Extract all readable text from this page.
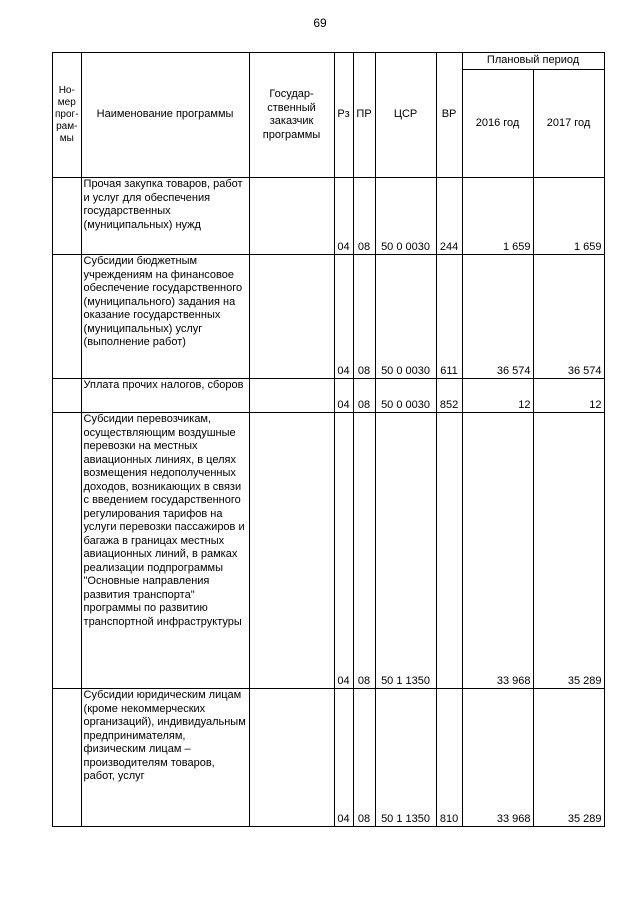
69
Номер программы	Наименование программы	Государственный заказчик программы	Рз	ПР	ЦСР	ВР	Плановый период	
							2016 год	2017 год
	Прочая закупка товаров, работ и услуг для обеспечения государственных (муниципальных) нужд		04	08	50 0 0030	244	1 659	1 659
	Субсидии бюджетным учреждениям на финансовое обеспечение государственного (муниципального) задания на оказание государственных (муниципальных) услуг (выполнение работ)		04	08	50 0 0030	611	36 574	36 574
	Уплата прочих налогов, сборов		04	08	50 0 0030	852	12	12
	Субсидии перевозчикам, осуществляющим воздушные перевозки на местных авиационных линиях, в целях возмещения недополученных доходов, возникающих в связи с введением государственного регулирования тарифов на услуги перевозки пассажиров и багажа в границах местных авиационных линий, в рамках реализации подпрограммы "Основные направления развития транспорта" программы по развитию транспортной инфраструктуры		04	08	50 1 1350		33 968	35 289
	Субсидии юридическим лицам (кроме некоммерческих организаций), индивидуальным предпринимателям, физическим лицам – производителям товаров, работ, услуг		04	08	50 1 1350	810	33 968	35 289
